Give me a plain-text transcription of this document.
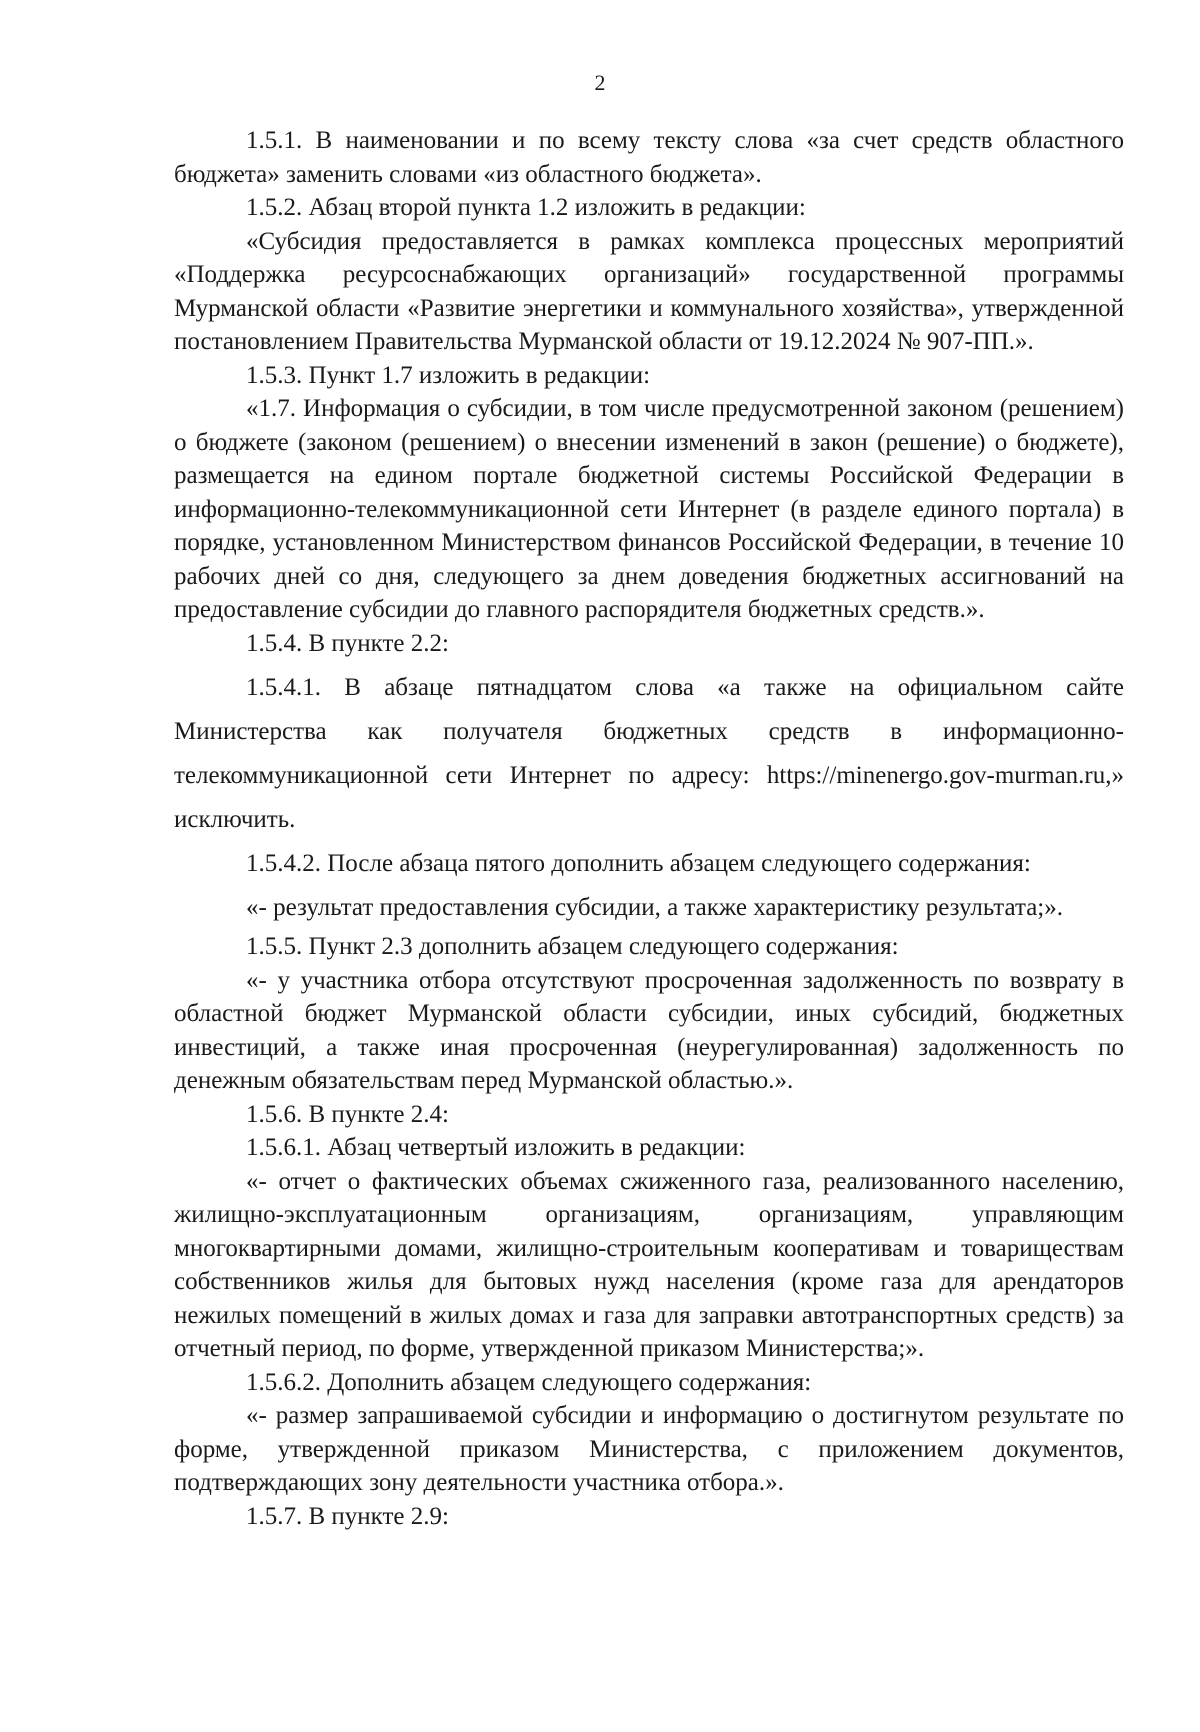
2

1.5.1. В наименовании и по всему тексту слова «за счет средств областного бюджета» заменить словами «из областного бюджета».

1.5.2. Абзац второй пункта 1.2 изложить в редакции:

«Субсидия предоставляется в рамках комплекса процессных мероприятий «Поддержка ресурсоснабжающих организаций» государственной программы Мурманской области «Развитие энергетики и коммунального хозяйства», утвержденной постановлением Правительства Мурманской области от 19.12.2024 № 907-ПП.».

1.5.3. Пункт 1.7 изложить в редакции:

«1.7. Информация о субсидии, в том числе предусмотренной законом (решением) о бюджете (законом (решением) о внесении изменений в закон (решение) о бюджете), размещается на едином портале бюджетной системы Российской Федерации в информационно-телекоммуникационной сети Интернет (в разделе единого портала) в порядке, установленном Министерством финансов Российской Федерации, в течение 10 рабочих дней со дня, следующего за днем доведения бюджетных ассигнований на предоставление субсидии до главного распорядителя бюджетных средств.».

1.5.4. В пункте 2.2:

1.5.4.1. В абзаце пятнадцатом слова «а также на официальном сайте Министерства как получателя бюджетных средств в информационно-телекоммуникационной сети Интернет по адресу: https://minenergo.gov-murman.ru,» исключить.

1.5.4.2. После абзаца пятого дополнить абзацем следующего содержания:

«- результат предоставления субсидии, а также характеристику результата;».

1.5.5. Пункт 2.3 дополнить абзацем следующего содержания:

«- у участника отбора отсутствуют просроченная задолженность по возврату в областной бюджет Мурманской области субсидии, иных субсидий, бюджетных инвестиций, а также иная просроченная (неурегулированная) задолженность по денежным обязательствам перед Мурманской областью.».

1.5.6. В пункте 2.4:

1.5.6.1. Абзац четвертый изложить в редакции:

«- отчет о фактических объемах сжиженного газа, реализованного населению, жилищно-эксплуатационным организациям, организациям, управляющим многоквартирными домами, жилищно-строительным кооперативам и товариществам собственников жилья для бытовых нужд населения (кроме газа для арендаторов нежилых помещений в жилых домах и газа для заправки автотранспортных средств) за отчетный период, по форме, утвержденной приказом Министерства;».

1.5.6.2. Дополнить абзацем следующего содержания:

«- размер запрашиваемой субсидии и информацию о достигнутом результате по форме, утвержденной приказом Министерства, с приложением документов, подтверждающих зону деятельности участника отбора.».

1.5.7. В пункте 2.9:
